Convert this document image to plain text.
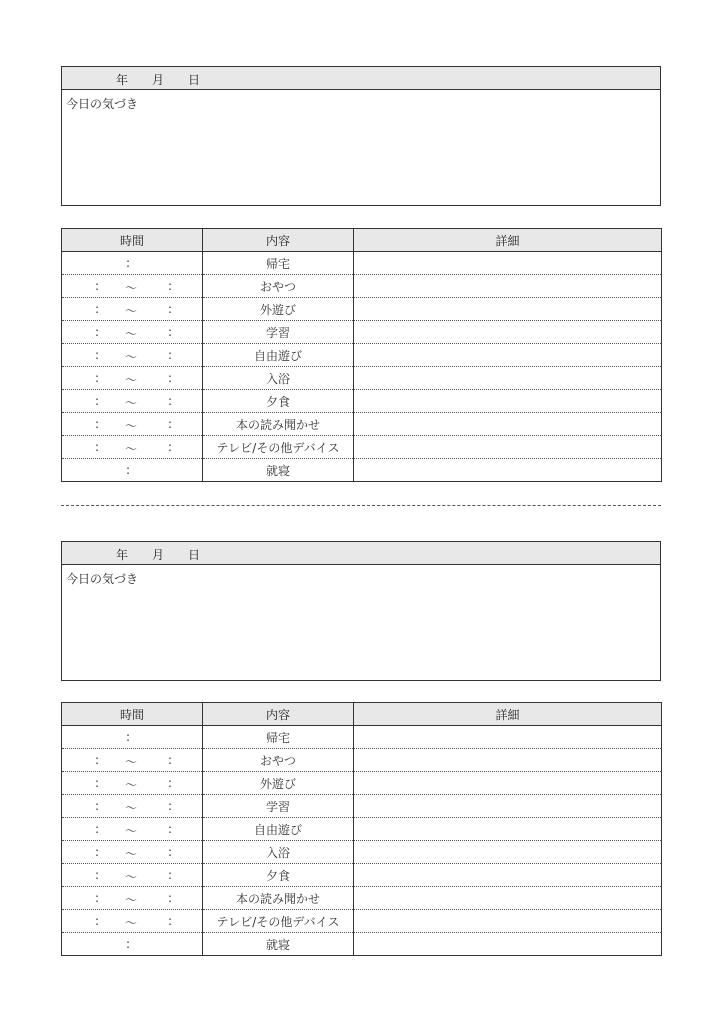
年 月 日
今日の気づき
時間	内容	詳細

:	帰宅	

: ～ :	おやつ	

: ～ :	外遊び	

: ～ :	学習	

: ～ :	自由遊び	

: ～ :	入浴	

: ～ :	夕食	

: ～ :	本の読み聞かせ	

: ～ :	テレビ/その他デバイス	

:	就寝	
年 月 日
今日の気づき
時間	内容	詳細

:	帰宅	

: ～ :	おやつ	

: ～ :	外遊び	

: ～ :	学習	

: ～ :	自由遊び	

: ～ :	入浴	

: ～ :	夕食	

: ～ :	本の読み聞かせ	

: ～ :	テレビ/その他デバイス	

:	就寝	
